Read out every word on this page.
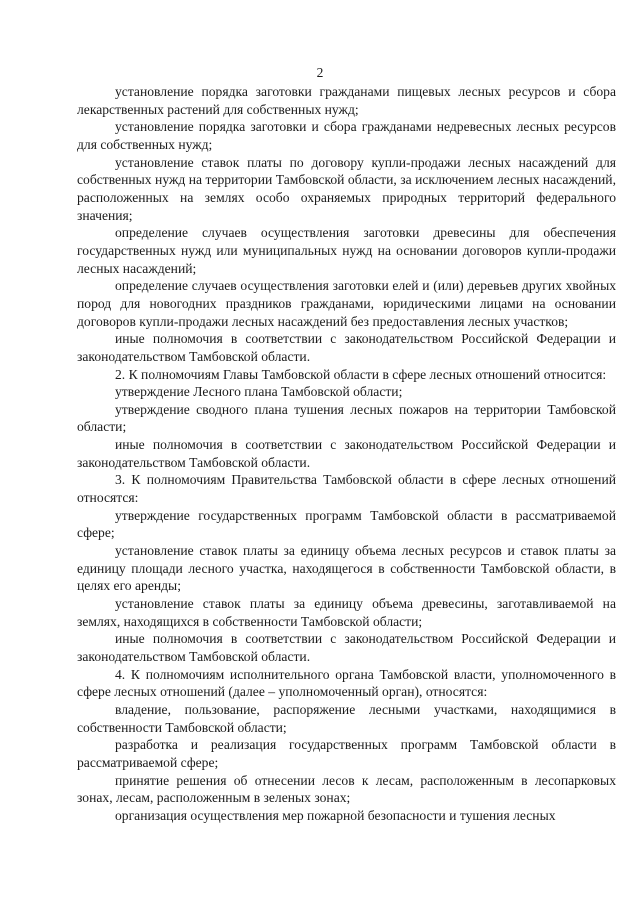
2

установление порядка заготовки гражданами пищевых лесных ресурсов и сбора лекарственных растений для собственных нужд;

установление порядка заготовки и сбора гражданами недревесных лесных ресурсов для собственных нужд;

установление ставок платы по договору купли-продажи лесных насаждений для собственных нужд на территории Тамбовской области, за исключением лесных насаждений, расположенных на землях особо охраняемых природных территорий федерального значения;

определение случаев осуществления заготовки древесины для обеспечения государственных нужд или муниципальных нужд на основании договоров купли-продажи лесных насаждений;

определение случаев осуществления заготовки елей и (или) деревьев других хвойных пород для новогодних праздников гражданами, юридическими лицами на основании договоров купли-продажи лесных насаждений без предоставления лесных участков;

иные полномочия в соответствии с законодательством Российской Федерации и законодательством Тамбовской области.

2. К полномочиям Главы Тамбовской области в сфере лесных отношений относится:

утверждение Лесного плана Тамбовской области;

утверждение сводного плана тушения лесных пожаров на территории Тамбовской области;

иные полномочия в соответствии с законодательством Российской Федерации и законодательством Тамбовской области.

3. К полномочиям Правительства Тамбовской области в сфере лесных отношений относятся:

утверждение государственных программ Тамбовской области в рассматриваемой сфере;

установление ставок платы за единицу объема лесных ресурсов и ставок платы за единицу площади лесного участка, находящегося в собственности Тамбовской области, в целях его аренды;

установление ставок платы за единицу объема древесины, заготавливаемой на землях, находящихся в собственности Тамбовской области;

иные полномочия в соответствии с законодательством Российской Федерации и законодательством Тамбовской области.

4. К полномочиям исполнительного органа Тамбовской власти, уполномоченного в сфере лесных отношений (далее – уполномоченный орган), относятся:

владение, пользование, распоряжение лесными участками, находящимися в собственности Тамбовской области;

разработка и реализация государственных программ Тамбовской области в рассматриваемой сфере;

принятие решения об отнесении лесов к лесам, расположенным в лесопарковых зонах, лесам, расположенным в зеленых зонах;

организация осуществления мер пожарной безопасности и тушения лесных
